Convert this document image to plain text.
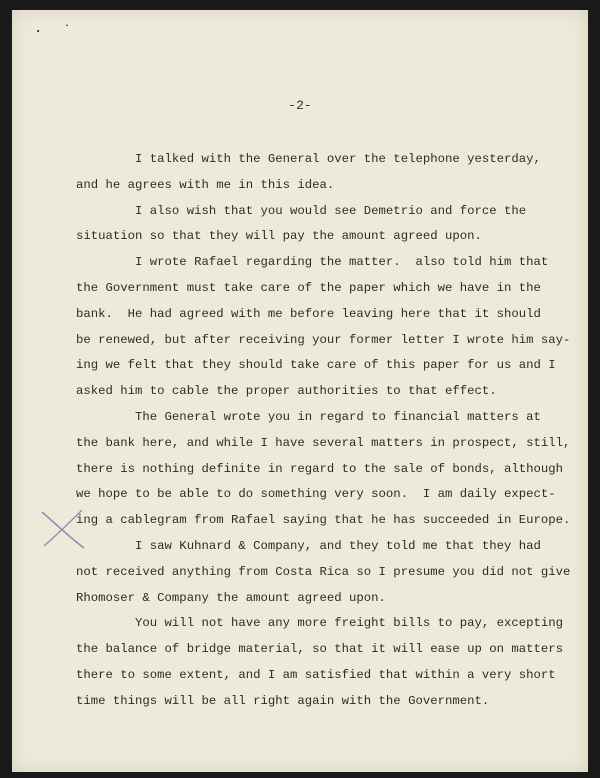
· ˙
-2-

I talked with the General over the telephone yesterday,
and he agrees with me in this idea.

I also wish that you would see Demetrio and force the
situation so that they will pay the amount agreed upon.

I wrote Rafael regarding the matter.  also told him that
the Government must take care of the paper which we have in the
bank.  He had agreed with me before leaving here that it should
be renewed, but after receiving your former letter I wrote him say-
ing we felt that they should take care of this paper for us and I
asked him to cable the proper authorities to that effect.

The General wrote you in regard to financial matters at
the bank here, and while I have several matters in prospect, still,
there is nothing definite in regard to the sale of bonds, although
we hope to be able to do something very soon.  I am daily expect-
ing a cablegram from Rafael saying that he has succeeded in Europe.

I saw Kuhnard & Company, and they told me that they had
not received anything from Costa Rica so I presume you did not give
Rhomoser & Company the amount agreed upon.

You will not have any more freight bills to pay, excepting
the balance of bridge material, so that it will ease up on matters
there to some extent, and I am satisfied that within a very short
time things will be all right again with the Government.
